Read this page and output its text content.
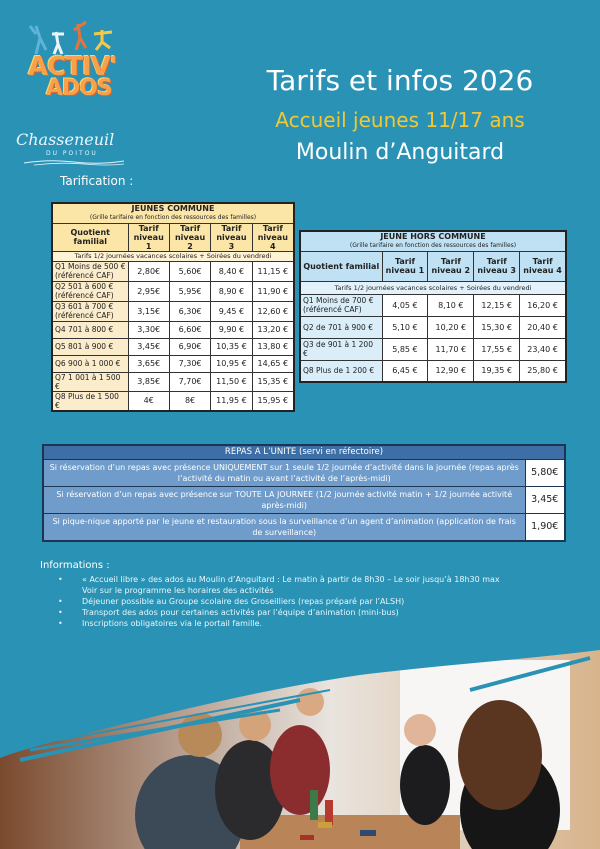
ACTIV'
ADOS
Chasseneuil
DU POITOU
Tarifs et infos 2026
Accueil jeunes 11/17 ans
Moulin d’Anguitard
Tarification :
JEUNES COMMUNE
(Grille tarifaire en fonction des ressources des familles)				

Quotient familial	Tarif niveau 1	Tarif niveau 2	Tarif niveau 3	Tarif niveau 4
Tarifs 1/2 journées vacances scolaires + Soirées du vendredi				

Q1 Moins de 500 €
(référencé CAF)	2,80€	5,60€	8,40 €	11,15 €

Q2 501 à 600 €
(référencé CAF)	2,95€	5,95€	8,90 €	11,90 €

Q3 601 à 700 €
(référencé CAF)	3,15€	6,30€	9,45 €	12,60 €

Q4 701 à 800 €	3,30€	6,60€	9,90 €	13,20 €

Q5 801 à 900 €	3,45€	6,90€	10,35 €	13,80 €

Q6 900 à 1 000 €	3,65€	7,30€	10,95 €	14,65 €

Q7 1 001 à 1 500 €	3,85€	7,70€	11,50 €	15,35 €

Q8 Plus de 1 500 €	4€	8€	11,95 €	15,95 €
JEUNE HORS COMMUNE
(Grille tarifaire en fonction des ressources des familles)				

Quotient familial	Tarif niveau 1	Tarif niveau 2	Tarif niveau 3	Tarif niveau 4
Tarifs 1/2 journées vacances scolaires + Soirées du vendredi				

Q1 Moins de 700 €
(référencé CAF)	4,05 €	8,10 €	12,15 €	16,20 €

Q2 de 701 à 900 €	5,10 €	10,20 €	15,30 €	20,40 €

Q3 de 901 à 1 200 €	5,85 €	11,70 €	17,55 €	23,40 €

Q8 Plus de 1 200 €	6,45 €	12,90 €	19,35 €	25,80 €
REPAS A L’UNITE (servi en réfectoire)	
Si réservation d’un repas avec présence UNIQUEMENT sur 1 seule 1/2 journée d’activité dans la journée (repas après l’activité du matin ou avant l’activité de l’après-midi)	5,80€
Si réservation d’un repas avec présence sur TOUTE LA JOURNEE (1/2 journée activité matin + 1/2 journée activité après-midi)	3,45€
Si pique-nique apporté par le jeune et restauration sous la surveillance d’un agent d’animation (application de frais de surveillance)	1,90€
Informations :
• « Accueil libre » des ados au Moulin d’Anguitard : Le matin à partir de 8h30 – Le soir jusqu’à 18h30 max
Voir sur le programme les horaires des activités
• Déjeuner possible au Groupe scolaire des Groseilliers (repas préparé par l’ALSH)
• Transport des ados pour certaines activités par l’équipe d’animation (mini-bus)
• Inscriptions obligatoires via le portail famille.
